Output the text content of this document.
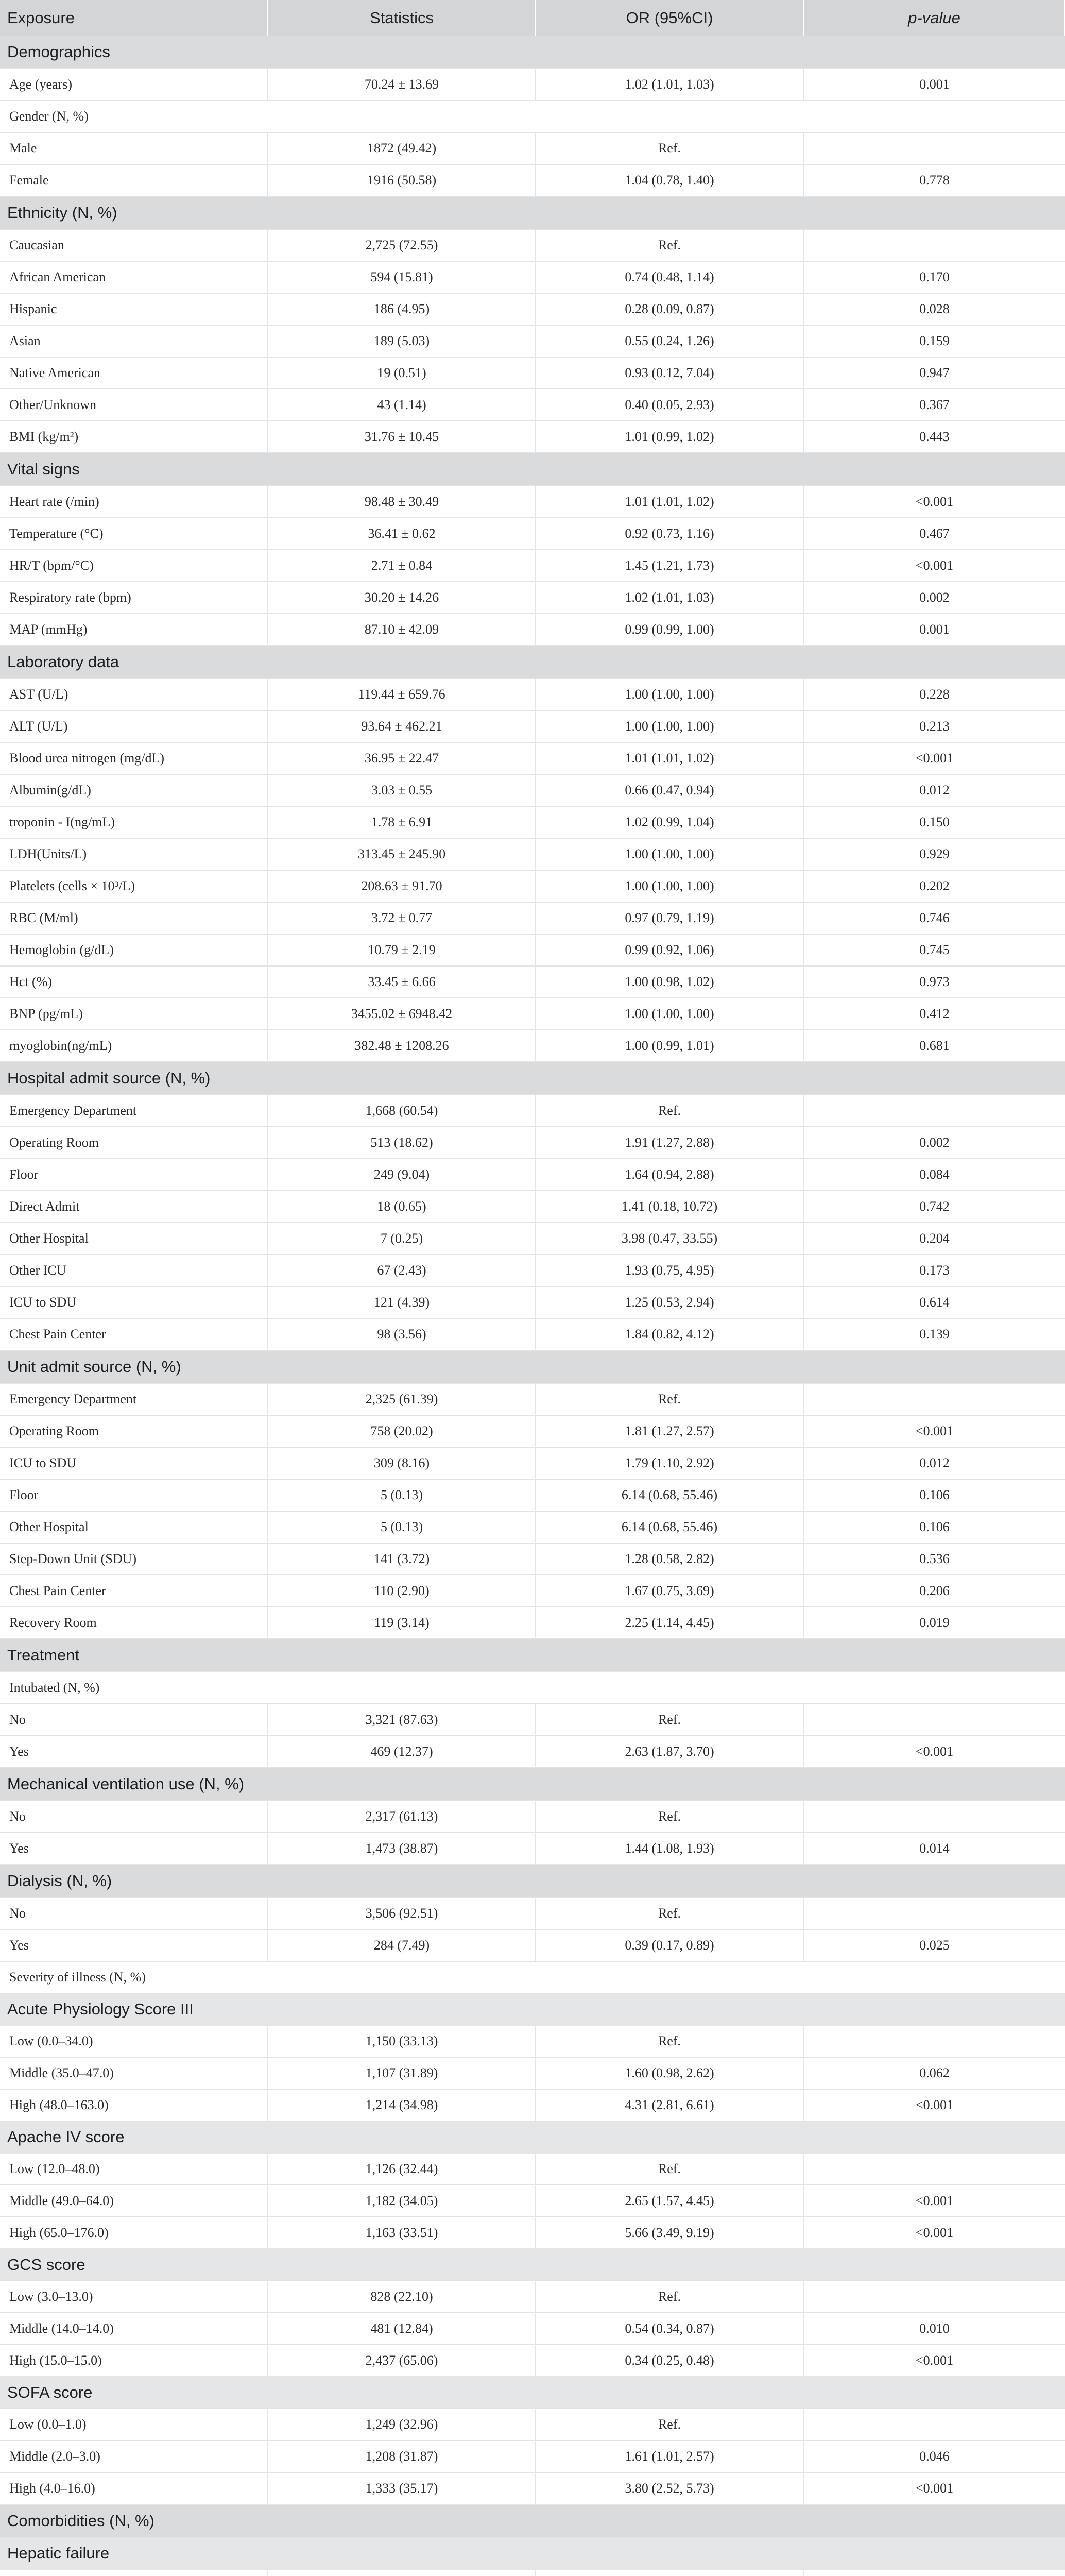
Exposure	Statistics	OR (95%CI)	p-value
Demographics			
Age (years)	70.24 ± 13.69	1.02 (1.01, 1.03)	0.001
Gender (N, %)			
Male	1872 (49.42)	Ref.	
Female	1916 (50.58)	1.04 (0.78, 1.40)	0.778
Ethnicity (N, %)			
Caucasian	2,725 (72.55)	Ref.	
African American	594 (15.81)	0.74 (0.48, 1.14)	0.170
Hispanic	186 (4.95)	0.28 (0.09, 0.87)	0.028
Asian	189 (5.03)	0.55 (0.24, 1.26)	0.159
Native American	19 (0.51)	0.93 (0.12, 7.04)	0.947
Other/Unknown	43 (1.14)	0.40 (0.05, 2.93)	0.367
BMI (kg/m²)	31.76 ± 10.45	1.01 (0.99, 1.02)	0.443
Vital signs			
Heart rate (/min)	98.48 ± 30.49	1.01 (1.01, 1.02)	<0.001
Temperature (°C)	36.41 ± 0.62	0.92 (0.73, 1.16)	0.467
HR/T (bpm/°C)	2.71 ± 0.84	1.45 (1.21, 1.73)	<0.001
Respiratory rate (bpm)	30.20 ± 14.26	1.02 (1.01, 1.03)	0.002
MAP (mmHg)	87.10 ± 42.09	0.99 (0.99, 1.00)	0.001
Laboratory data			
AST (U/L)	119.44 ± 659.76	1.00 (1.00, 1.00)	0.228
ALT (U/L)	93.64 ± 462.21	1.00 (1.00, 1.00)	0.213
Blood urea nitrogen (mg/dL)	36.95 ± 22.47	1.01 (1.01, 1.02)	<0.001
Albumin(g/dL)	3.03 ± 0.55	0.66 (0.47, 0.94)	0.012
troponin - I(ng/mL)	1.78 ± 6.91	1.02 (0.99, 1.04)	0.150
LDH(Units/L)	313.45 ± 245.90	1.00 (1.00, 1.00)	0.929
Platelets (cells × 10³/L)	208.63 ± 91.70	1.00 (1.00, 1.00)	0.202
RBC (M/ml)	3.72 ± 0.77	0.97 (0.79, 1.19)	0.746
Hemoglobin (g/dL)	10.79 ± 2.19	0.99 (0.92, 1.06)	0.745
Hct (%)	33.45 ± 6.66	1.00 (0.98, 1.02)	0.973
BNP (pg/mL)	3455.02 ± 6948.42	1.00 (1.00, 1.00)	0.412
myoglobin(ng/mL)	382.48 ± 1208.26	1.00 (0.99, 1.01)	0.681
Hospital admit source (N, %)			
Emergency Department	1,668 (60.54)	Ref.	
Operating Room	513 (18.62)	1.91 (1.27, 2.88)	0.002
Floor	249 (9.04)	1.64 (0.94, 2.88)	0.084
Direct Admit	18 (0.65)	1.41 (0.18, 10.72)	0.742
Other Hospital	7 (0.25)	3.98 (0.47, 33.55)	0.204
Other ICU	67 (2.43)	1.93 (0.75, 4.95)	0.173
ICU to SDU	121 (4.39)	1.25 (0.53, 2.94)	0.614
Chest Pain Center	98 (3.56)	1.84 (0.82, 4.12)	0.139
Unit admit source (N, %)			
Emergency Department	2,325 (61.39)	Ref.	
Operating Room	758 (20.02)	1.81 (1.27, 2.57)	<0.001
ICU to SDU	309 (8.16)	1.79 (1.10, 2.92)	0.012
Floor	5 (0.13)	6.14 (0.68, 55.46)	0.106
Other Hospital	5 (0.13)	6.14 (0.68, 55.46)	0.106
Step-Down Unit (SDU)	141 (3.72)	1.28 (0.58, 2.82)	0.536
Chest Pain Center	110 (2.90)	1.67 (0.75, 3.69)	0.206
Recovery Room	119 (3.14)	2.25 (1.14, 4.45)	0.019
Treatment			
Intubated (N, %)			
No	3,321 (87.63)	Ref.	
Yes	469 (12.37)	2.63 (1.87, 3.70)	<0.001
Mechanical ventilation use (N, %)			
No	2,317 (61.13)	Ref.	
Yes	1,473 (38.87)	1.44 (1.08, 1.93)	0.014
Dialysis (N, %)			
No	3,506 (92.51)	Ref.	
Yes	284 (7.49)	0.39 (0.17, 0.89)	0.025
Severity of illness (N, %)			
Acute Physiology Score III			
Low (0.0–34.0)	1,150 (33.13)	Ref.	
Middle (35.0–47.0)	1,107 (31.89)	1.60 (0.98, 2.62)	0.062
High (48.0–163.0)	1,214 (34.98)	4.31 (2.81, 6.61)	<0.001
Apache IV score			
Low (12.0–48.0)	1,126 (32.44)	Ref.	
Middle (49.0–64.0)	1,182 (34.05)	2.65 (1.57, 4.45)	<0.001
High (65.0–176.0)	1,163 (33.51)	5.66 (3.49, 9.19)	<0.001
GCS score			
Low (3.0–13.0)	828 (22.10)	Ref.	
Middle (14.0–14.0)	481 (12.84)	0.54 (0.34, 0.87)	0.010
High (15.0–15.0)	2,437 (65.06)	0.34 (0.25, 0.48)	<0.001
SOFA score			
Low (0.0–1.0)	1,249 (32.96)	Ref.	
Middle (2.0–3.0)	1,208 (31.87)	1.61 (1.01, 2.57)	0.046
High (4.0–16.0)	1,333 (35.17)	3.80 (2.52, 5.73)	<0.001
Comorbidities (N, %)			
Hepatic failure			
